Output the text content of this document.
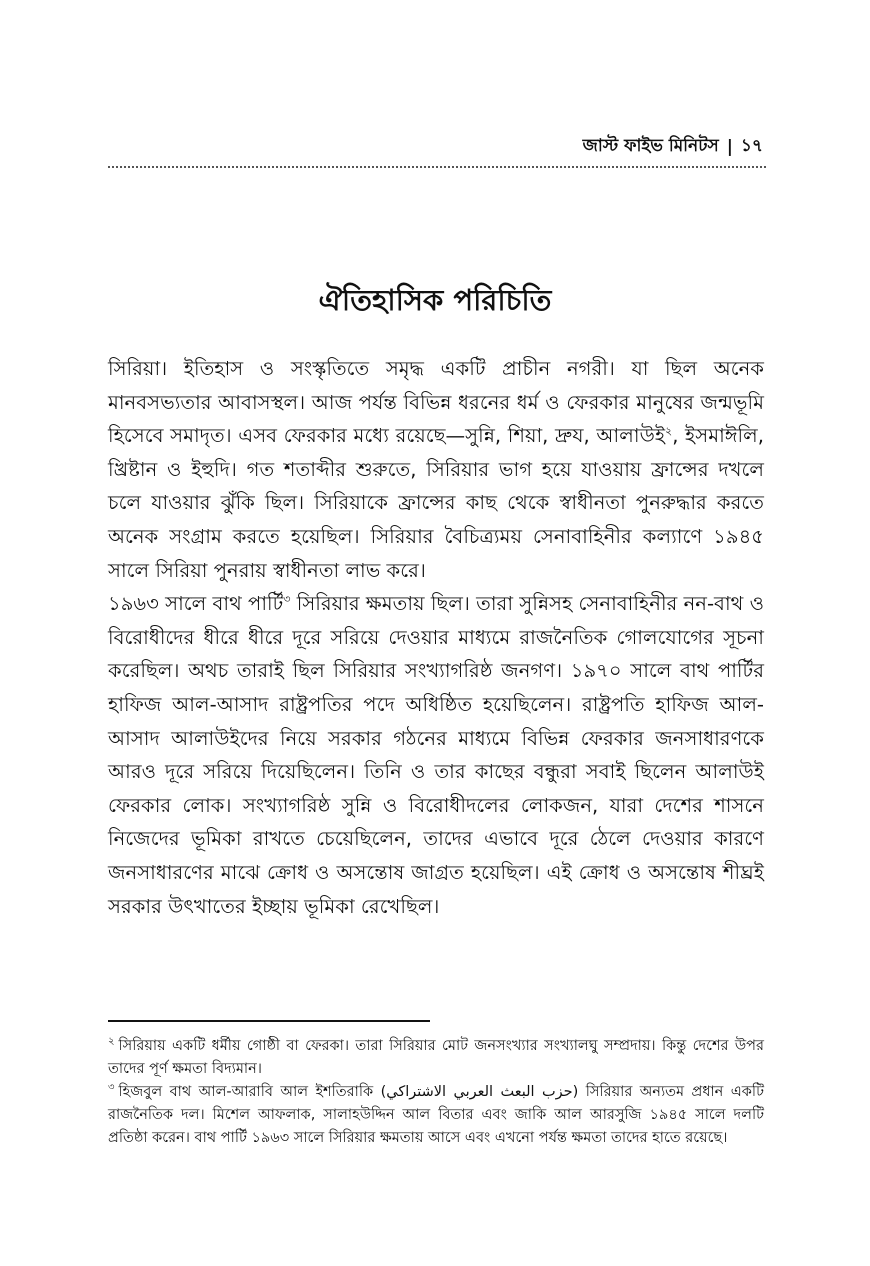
জাস্ট ফাইভ মিনিটস | ১৭
ঐতিহাসিক পরিচিতি

সিরিয়া। ইতিহাস ও সংস্কৃতিতে সমৃদ্ধ একটি প্রাচীন নগরী। যা ছিল অনেক মানবসভ্যতার আবাসস্থল। আজ পর্যন্ত বিভিন্ন ধরনের ধর্ম ও ফেরকার মানুষের জন্মভূমি হিসেবে সমাদৃত। এসব ফেরকার মধ্যে রয়েছে—সুন্নি, শিয়া, দ্রুয, আলাউই$^২$, ইসমাঈলি, খ্রিষ্টান ও ইহুদি। গত শতাব্দীর শুরুতে, সিরিয়ার ভাগ হয়ে যাওয়ায় ফ্রান্সের দখলে চলে যাওয়ার ঝুঁকি ছিল। সিরিয়াকে ফ্রান্সের কাছ থেকে স্বাধীনতা পুনরুদ্ধার করতে অনেক সংগ্রাম করতে হয়েছিল। সিরিয়ার বৈচিত্র্যময় সেনাবাহিনীর কল্যাণে ১৯৪৫ সালে সিরিয়া পুনরায় স্বাধীনতা লাভ করে।

১৯৬৩ সালে বাথ পার্টি$^৩$ সিরিয়ার ক্ষমতায় ছিল। তারা সুন্নিসহ সেনাবাহিনীর নন-বাথ ও বিরোধীদের ধীরে ধীরে দূরে সরিয়ে দেওয়ার মাধ্যমে রাজনৈতিক গোলযোগের সূচনা করেছিল। অথচ তারাই ছিল সিরিয়ার সংখ্যাগরিষ্ঠ জনগণ। ১৯৭০ সালে বাথ পার্টির হাফিজ আল-আসাদ রাষ্ট্রপতির পদে অধিষ্ঠিত হয়েছিলেন। রাষ্ট্রপতি হাফিজ আল-আসাদ আলাউইদের নিয়ে সরকার গঠনের মাধ্যমে বিভিন্ন ফেরকার জনসাধারণকে আরও দূরে সরিয়ে দিয়েছিলেন। তিনি ও তার কাছের বন্ধুরা সবাই ছিলেন আলাউই ফেরকার লোক। সংখ্যাগরিষ্ঠ সুন্নি ও বিরোধীদলের লোকজন, যারা দেশের শাসনে নিজেদের ভূমিকা রাখতে চেয়েছিলেন, তাদের এভাবে দূরে ঠেলে দেওয়ার কারণে জনসাধারণের মাঝে ক্রোধ ও অসন্তোষ জাগ্রত হয়েছিল। এই ক্রোধ ও অসন্তোষ শীঘ্রই সরকার উৎখাতের ইচ্ছায় ভূমিকা রেখেছিল।

$^২$ সিরিয়ায় একটি ধর্মীয় গোষ্ঠী বা ফেরকা। তারা সিরিয়ার মোট জনসংখ্যার সংখ্যালঘু সম্প্রদায়। কিন্তু দেশের উপর তাদের পূর্ণ ক্ষমতা বিদ্যমান।

$^৩$ হিজবুল বাথ আল-আরাবি আল ইশতিরাকি (حزب البعث العربي الاشتراكي) সিরিয়ার অন্যতম প্রধান একটি রাজনৈতিক দল। মিশেল আফলাক, সালাহউদ্দিন আল বিতার এবং জাকি আল আরসুজি ১৯৪৫ সালে দলটি প্রতিষ্ঠা করেন। বাথ পার্টি ১৯৬৩ সালে সিরিয়ার ক্ষমতায় আসে এবং এখনো পর্যন্ত ক্ষমতা তাদের হাতে রয়েছে।
